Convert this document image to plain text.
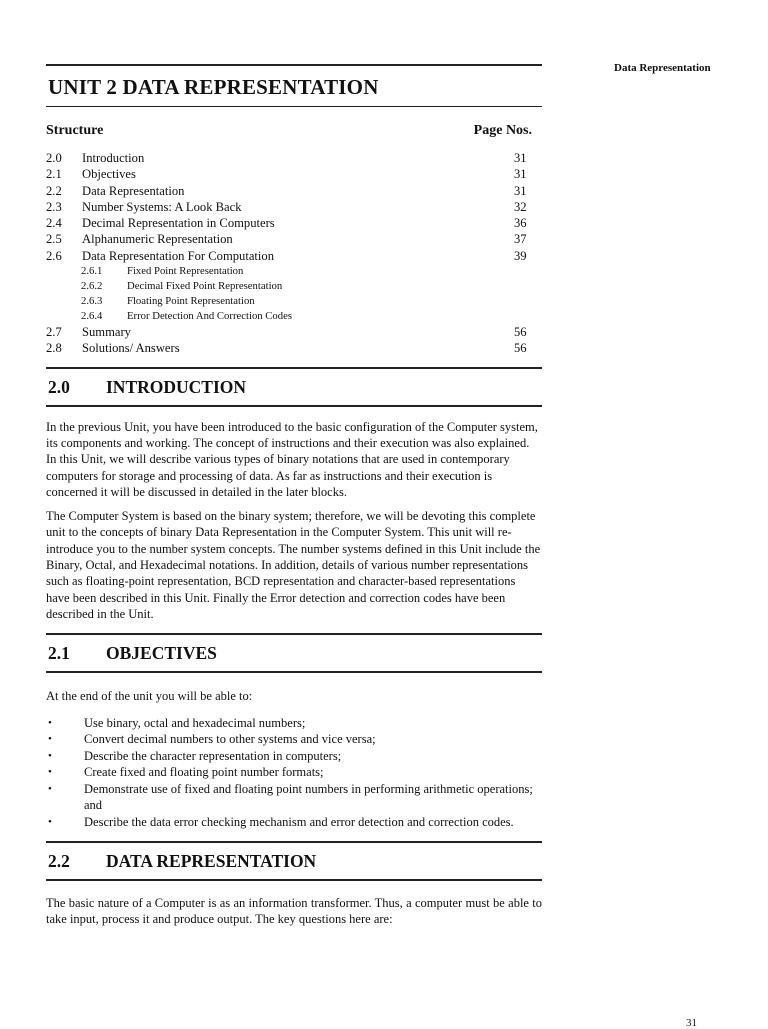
Data Representation
UNIT 2 DATA REPRESENTATION
Structure	Page Nos.
2.0	Introduction	31
2.1	Objectives	31
2.2	Data Representation	31
2.3	Number Systems: A Look Back	32
2.4	Decimal Representation in Computers	36
2.5	Alphanumeric Representation	37
2.6	Data Representation For Computation	39
2.6.1	Fixed Point Representation
2.6.2	Decimal Fixed Point Representation
2.6.3	Floating Point Representation
2.6.4	Error Detection And Correction Codes
2.7	Summary	56
2.8	Solutions/ Answers	56
2.0	INTRODUCTION

In the previous Unit, you have been introduced to the basic configuration of the Computer system, its components and working. The concept of instructions and their execution was also explained. In this Unit, we will describe various types of binary notations that are used in contemporary computers for storage and processing of data. As far as instructions and their execution is concerned it will be discussed in detailed in the later blocks.

The Computer System is based on the binary system; therefore, we will be devoting this complete unit to the concepts of binary Data Representation in the Computer System. This unit will re-introduce you to the number system concepts. The number systems defined in this Unit include the Binary, Octal, and Hexadecimal notations. In addition, details of various number representations such as floating-point representation, BCD representation and character-based representations have been described in this Unit. Finally the Error detection and correction codes have been described in the Unit.

2.1	OBJECTIVES

At the end of the unit you will be able to:

•	Use binary, octal and hexadecimal numbers;
•	Convert decimal numbers to other systems and vice versa;
•	Describe the character representation in computers;
•	Create fixed and floating point number formats;
•	Demonstrate use of fixed and floating point numbers in performing arithmetic operations; and
•	Describe the data error checking mechanism and error detection and correction codes.
2.2	DATA REPRESENTATION

The basic nature of a Computer is as an information transformer. Thus, a computer must be able to take input, process it and produce output. The key questions here are:

31
